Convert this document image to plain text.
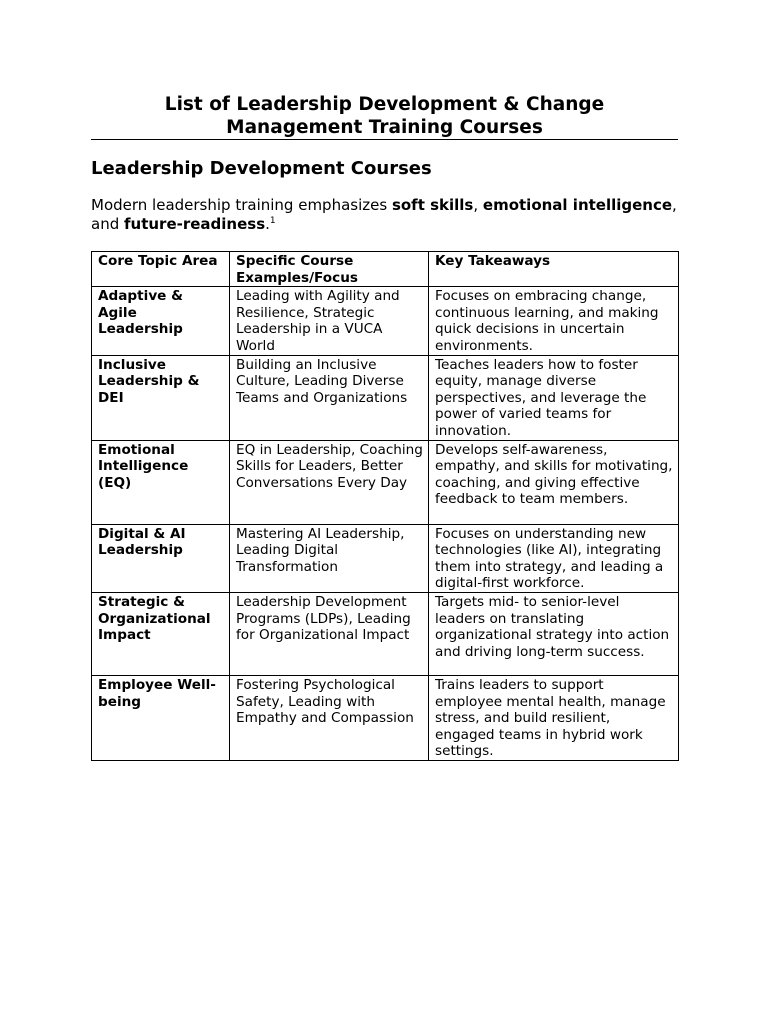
List of Leadership Development & Change
Management Training Courses
Leadership Development Courses

Modern leadership training emphasizes soft skills, emotional intelligence, and future-readiness.$^1$

Core Topic Area	Specific Course Examples/Focus	Key Takeaways
Adaptive & Agile Leadership	Leading with Agility and Resilience, Strategic Leadership in a VUCA World	Focuses on embracing change, continuous learning, and making quick decisions in uncertain environments.
Inclusive Leadership & DEI	Building an Inclusive Culture, Leading Diverse Teams and Organizations	Teaches leaders how to foster equity, manage diverse perspectives, and leverage the power of varied teams for innovation.
Emotional Intelligence (EQ)	EQ in Leadership, Coaching Skills for Leaders, Better Conversations Every Day	Develops self-awareness, empathy, and skills for motivating, coaching, and giving effective feedback to team members.
Digital & AI Leadership	Mastering AI Leadership, Leading Digital Transformation	Focuses on understanding new technologies (like AI), integrating them into strategy, and leading a digital-first workforce.
Strategic & Organizational Impact	Leadership Development Programs (LDPs), Leading for Organizational Impact	Targets mid- to senior-level leaders on translating organizational strategy into action and driving long-term success.
Employee Well-being	Fostering Psychological Safety, Leading with Empathy and Compassion	Trains leaders to support employee mental health, manage stress, and build resilient, engaged teams in hybrid work settings.
